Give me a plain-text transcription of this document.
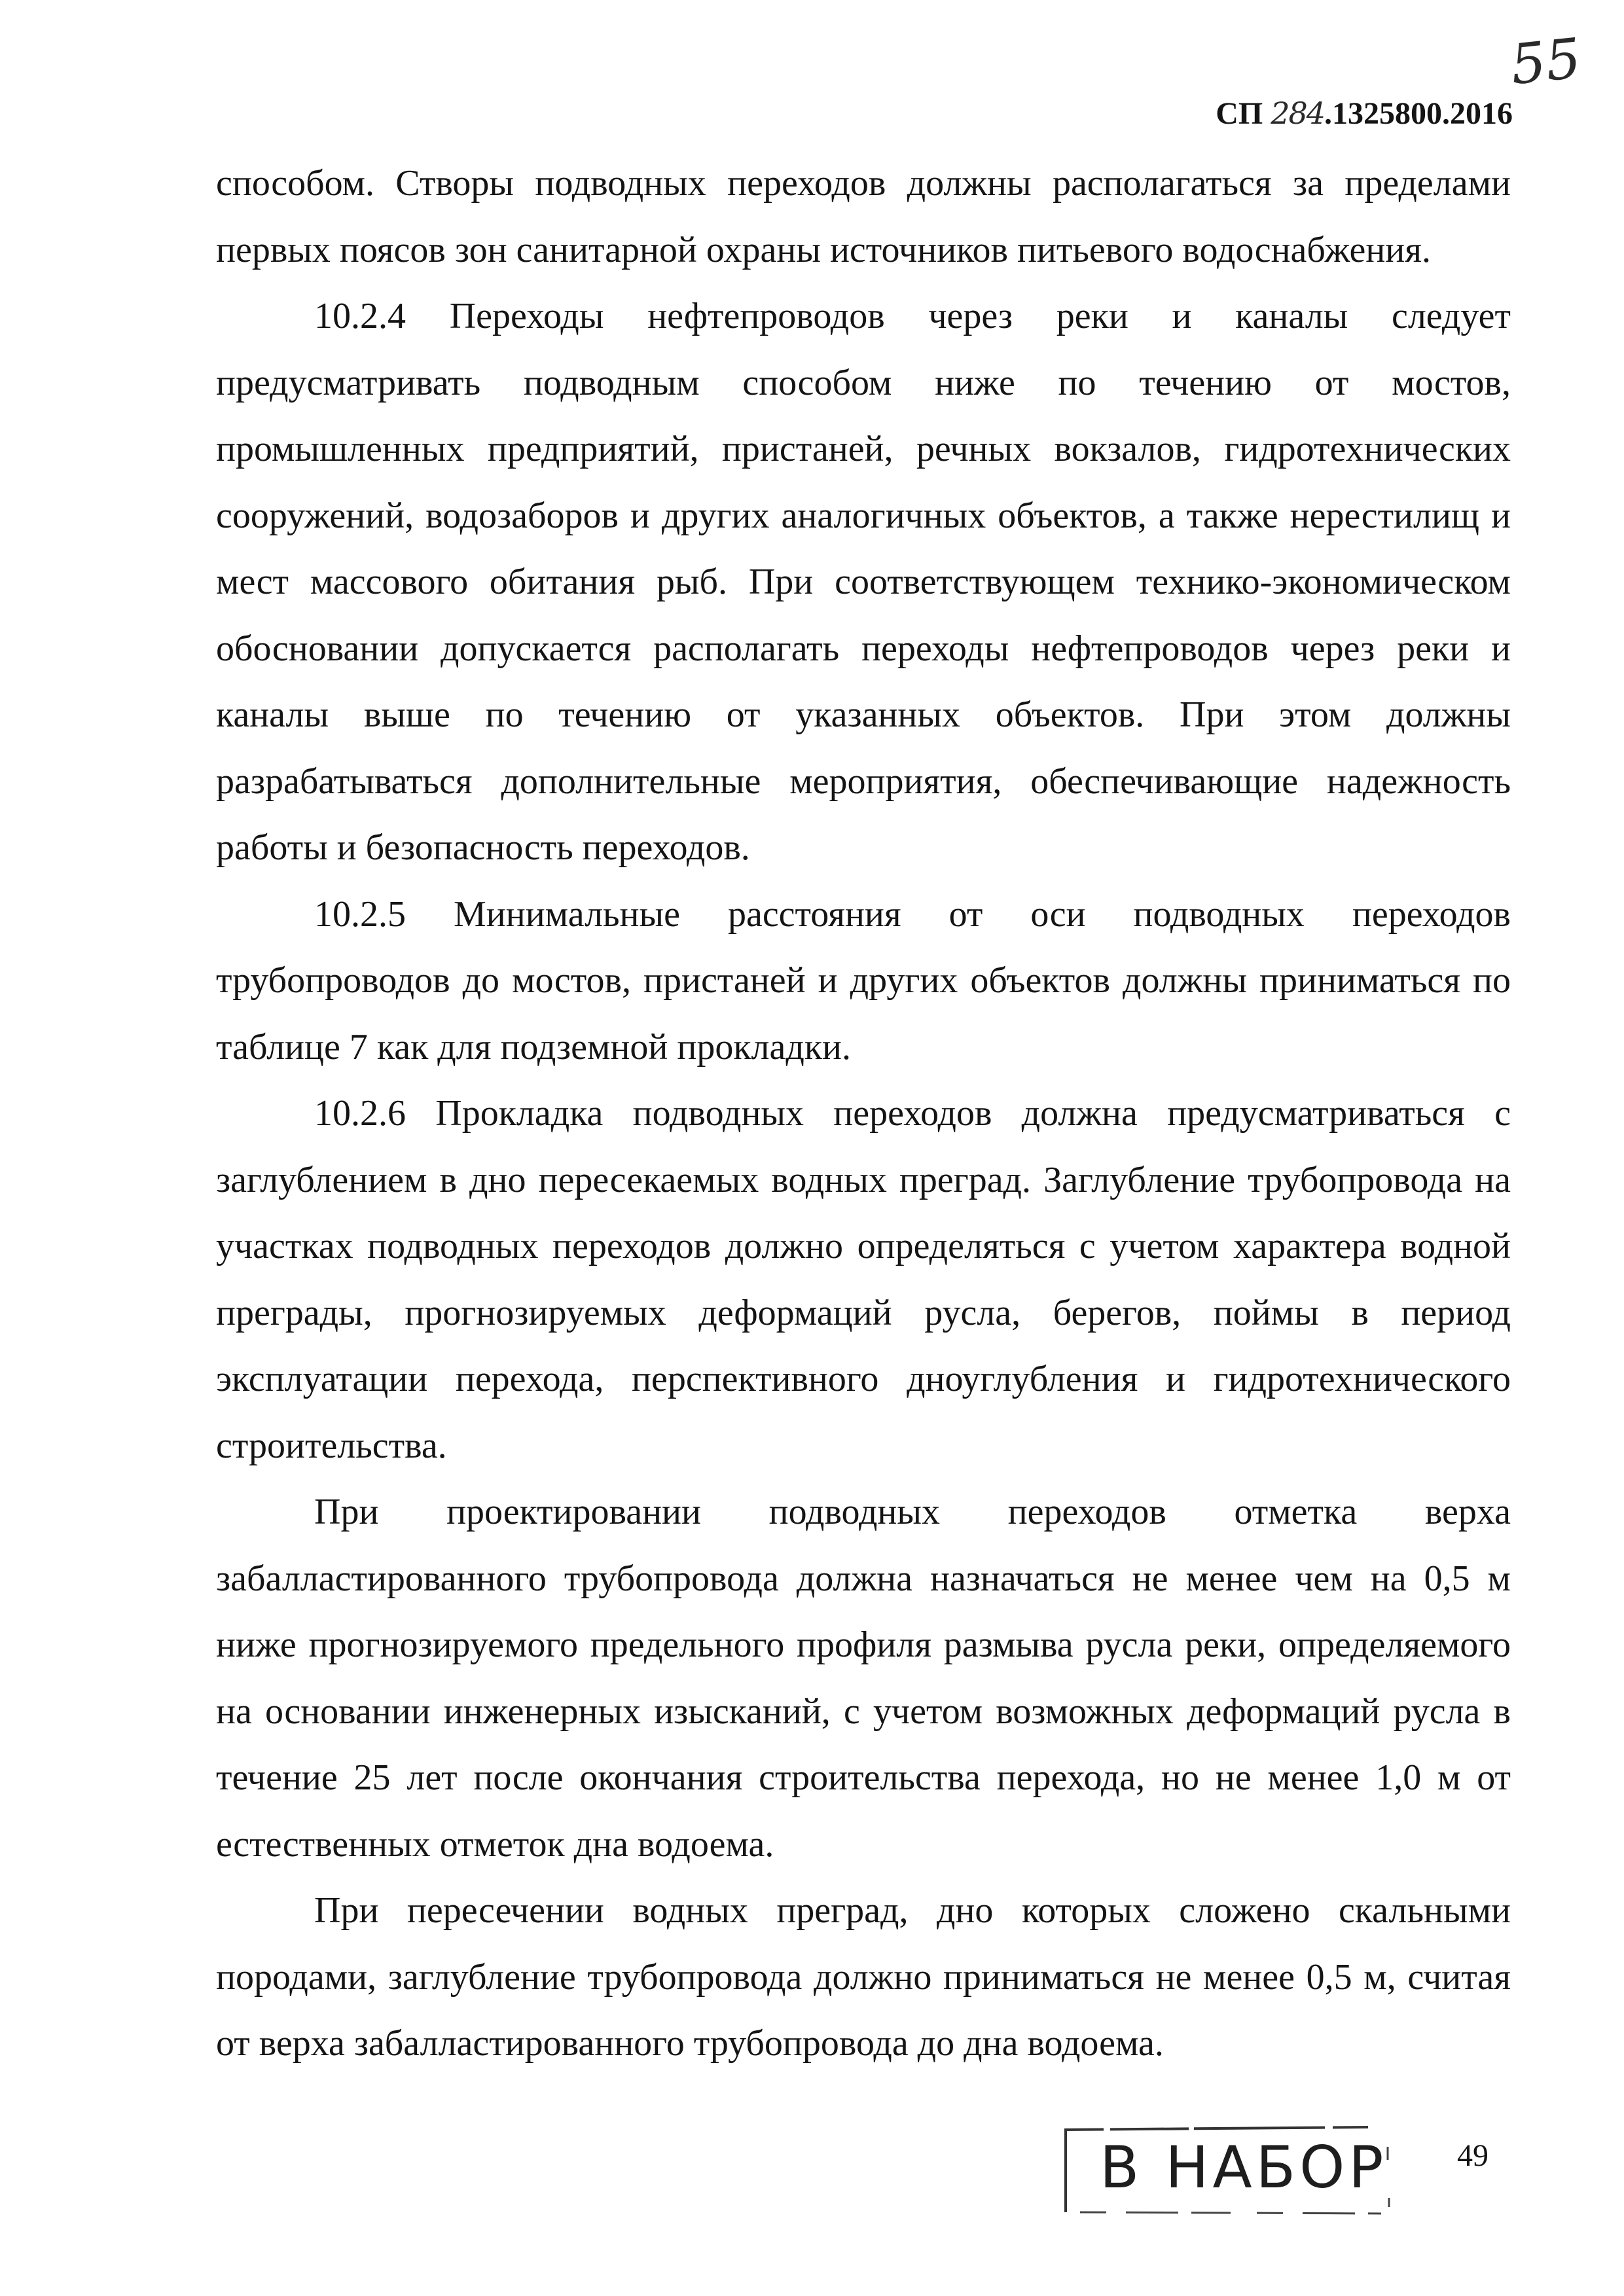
55
СП 284.1325800.2016

способом. Створы подводных переходов должны располагаться за пределами первых поясов зон санитарной охраны источников питьевого водоснабжения.

10.2.4 Переходы нефтепроводов через реки и каналы следует предусматривать подводным способом ниже по течению от мостов, промышленных предприятий, пристаней, речных вокзалов, гидротехнических сооружений, водозаборов и других аналогичных объектов, а также нерестилищ и мест массового обитания рыб. При соответствующем технико-экономическом обосновании допускается располагать переходы нефтепроводов через реки и каналы выше по течению от указанных объектов. При этом должны разрабатываться дополнительные мероприятия, обеспечивающие надежность работы и безопасность переходов.

10.2.5 Минимальные расстояния от оси подводных переходов трубопроводов до мостов, пристаней и других объектов должны приниматься по таблице 7 как для подземной прокладки.

10.2.6 Прокладка подводных переходов должна предусматриваться с заглублением в дно пересекаемых водных преград. Заглубление трубопровода на участках подводных переходов должно определяться с учетом характера водной преграды, прогнозируемых деформаций русла, берегов, поймы в период эксплуатации перехода, перспективного дноуглубления и гидротехнического строительства.

При проектировании подводных переходов отметка верха забалластированного трубопровода должна назначаться не менее чем на 0,5 м ниже прогнозируемого предельного профиля размыва русла реки, определяемого на основании инженерных изысканий, с учетом возможных деформаций русла в течение 25 лет после окончания строительства перехода, но не менее 1,0 м от естественных отметок дна водоема.

При пересечении водных преград, дно которых сложено скальными породами, заглубление трубопровода должно приниматься не менее 0,5 м, считая от верха забалластированного трубопровода до дна водоема.

В НАБОР 49
